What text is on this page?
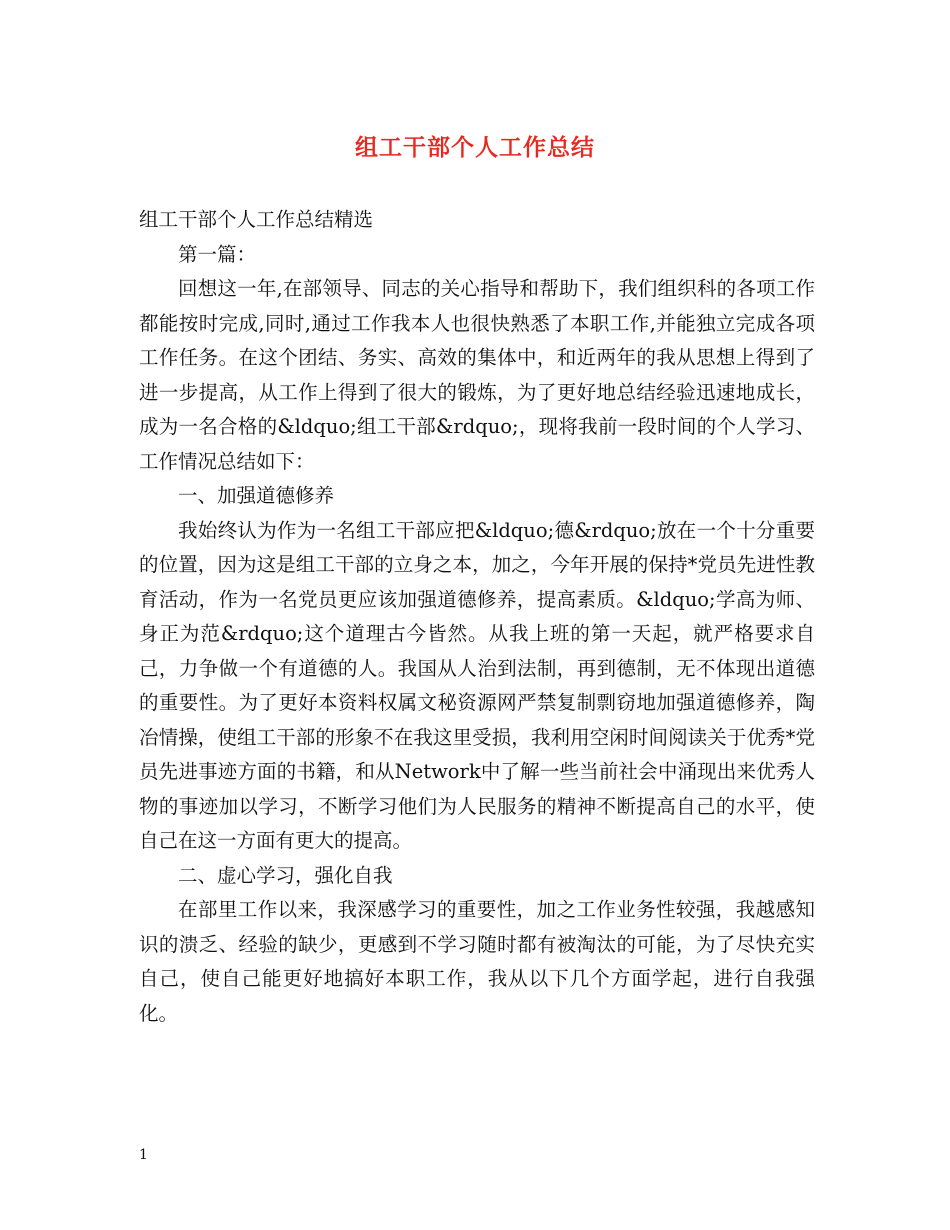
组工干部个人工作总结

组工干部个人工作总结精选

第一篇：

回想这一年,在部领导、同志的关心指导和帮助下，我们组织科的各项工作都能按时完成,同时,通过工作我本人也很快熟悉了本职工作,并能独立完成各项工作任务。在这个团结、务实、高效的集体中，和近两年的我从思想上得到了进一步提高，从工作上得到了很大的锻炼，为了更好地总结经验迅速地成长，成为一名合格的&ldquo;组工干部&rdquo;，现将我前一段时间的个人学习、工作情况总结如下：

一、加强道德修养

我始终认为作为一名组工干部应把&ldquo;德&rdquo;放在一个十分重要的位置，因为这是组工干部的立身之本，加之，今年开展的保持*党员先进性教育活动，作为一名党员更应该加强道德修养，提高素质。&ldquo;学高为师、身正为范&rdquo;这个道理古今皆然。从我上班的第一天起，就严格要求自己，力争做一个有道德的人。我国从人治到法制，再到德制，无不体现出道德的重要性。为了更好本资料权属文秘资源网严禁复制剽窃地加强道德修养，陶冶情操，使组工干部的形象不在我这里受损，我利用空闲时间阅读关于优秀*党员先进事迹方面的书籍，和从Network中了解一些当前社会中涌现出来优秀人物的事迹加以学习，不断学习他们为人民服务的精神不断提高自己的水平，使自己在这一方面有更大的提高。

二、虚心学习，强化自我

在部里工作以来，我深感学习的重要性，加之工作业务性较强，我越感知识的溃乏、经验的缺少，更感到不学习随时都有被淘汰的可能，为了尽快充实自己，使自己能更好地搞好本职工作，我从以下几个方面学起，进行自我强化。

1
